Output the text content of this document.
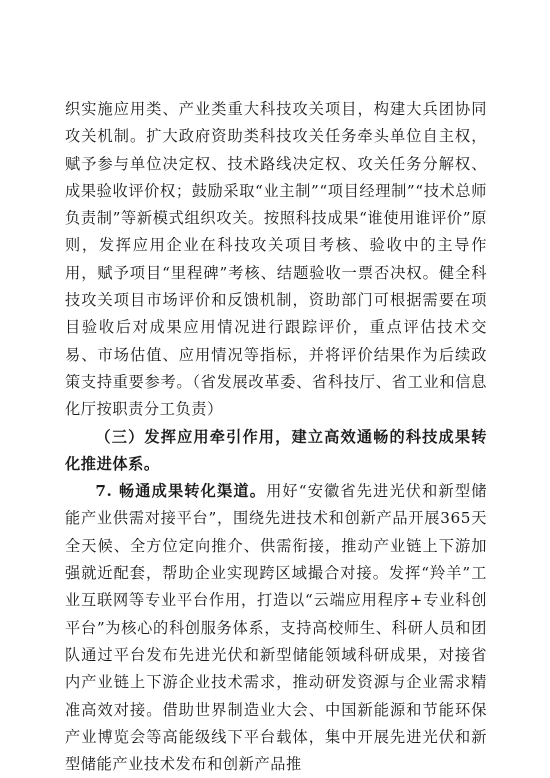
织实施应用类、产业类重大科技攻关项目，构建大兵团协同攻关机制。扩大政府资助类科技攻关任务牵头单位自主权，赋予参与单位决定权、技术路线决定权、攻关任务分解权、成果验收评价权；鼓励采取“业主制”“项目经理制”“技术总师负责制”等新模式组织攻关。按照科技成果“谁使用谁评价”原则，发挥应用企业在科技攻关项目考核、验收中的主导作用，赋予项目“里程碑”考核、结题验收一票否决权。健全科技攻关项目市场评价和反馈机制，资助部门可根据需要在项目验收后对成果应用情况进行跟踪评价，重点评估技术交易、市场估值、应用情况等指标，并将评价结果作为后续政策支持重要参考。（省发展改革委、省科技厅、省工业和信息化厅按职责分工负责）

（三）发挥应用牵引作用，建立高效通畅的科技成果转化推进体系。

7. 畅通成果转化渠道。用好“安徽省先进光伏和新型储能产业供需对接平台”，围绕先进技术和创新产品开展365天全天候、全方位定向推介、供需衔接，推动产业链上下游加强就近配套，帮助企业实现跨区域撮合对接。发挥“羚羊”工业互联网等专业平台作用，打造以“云端应用程序+专业科创平台”为核心的科创服务体系，支持高校师生、科研人员和团队通过平台发布先进光伏和新型储能领域科研成果，对接省内产业链上下游企业技术需求，推动研发资源与企业需求精准高效对接。借助世界制造业大会、中国新能源和节能环保产业博览会等高能级线下平台载体，集中开展先进光伏和新型储能产业技术发布和创新产品推
